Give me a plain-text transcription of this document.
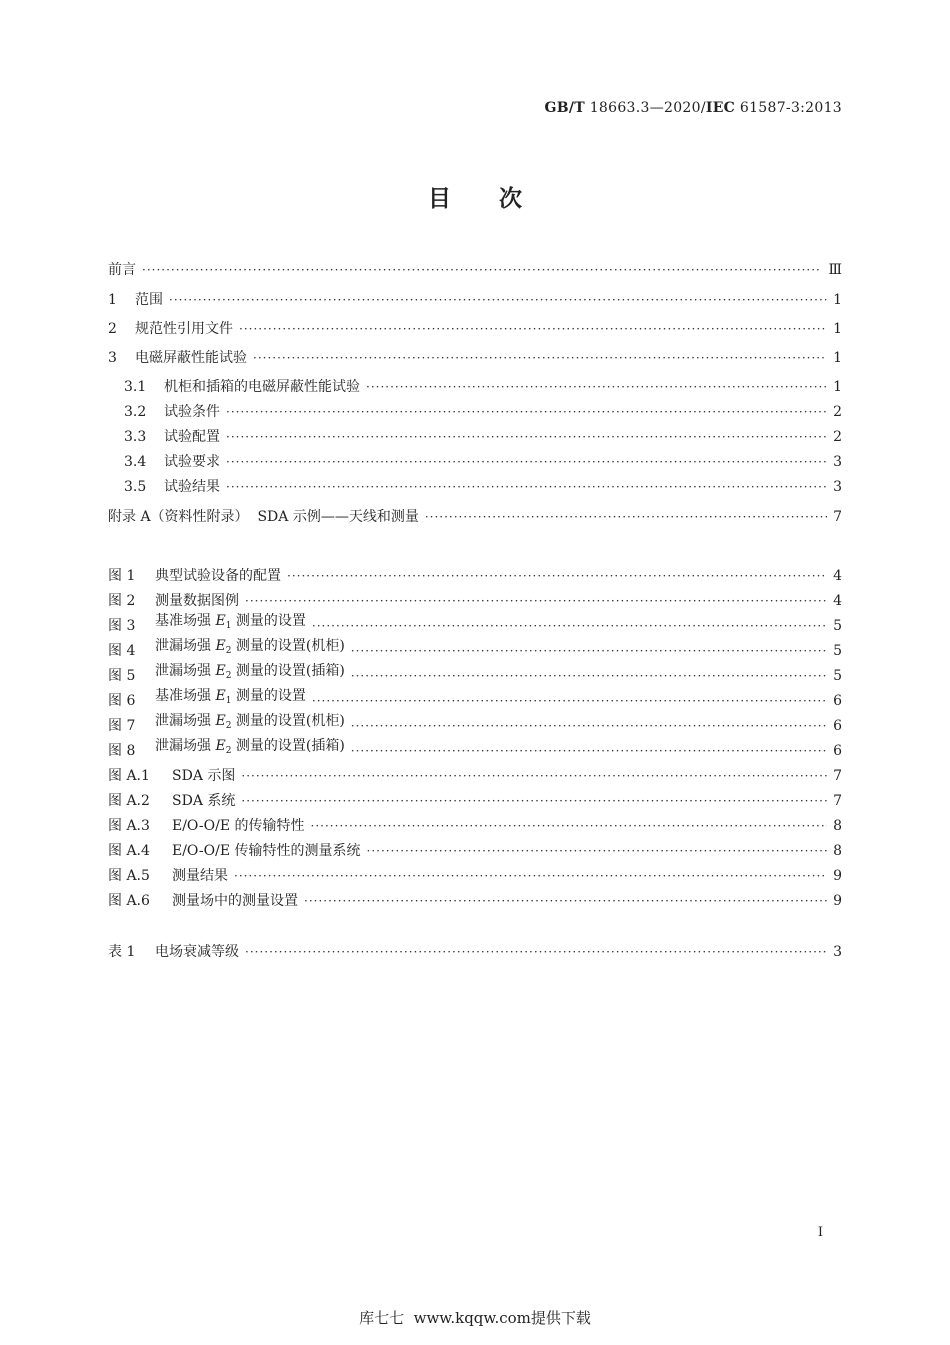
GB/T 18663.3—2020/IEC 61587-3:2013
目 次
前言 ·····	Ⅲ
1	范围 ·····	1
2	规范性引用文件 ·····	1
3	电磁屏蔽性能试验 ·····	1
3.1	机柜和插箱的电磁屏蔽性能试验 ·····	1
3.2	试验条件 ·····	2
3.3	试验配置 ·····	2
3.4	试验要求 ·····	3
3.5	试验结果 ·····	3
附录 A（资料性附录）  SDA 示例——天线和测量 ·····	7
图 1	典型试验设备的配置 ·····	4
图 2	测量数据图例 ·····	4
图 3	基准场强 $E_1$ 测量的设置 ·····	5
图 4	泄漏场强 $E_2$ 测量的设置(机柜) ·····	5
图 5	泄漏场强 $E_2$ 测量的设置(插箱) ·····	5
图 6	基准场强 $E_1$ 测量的设置 ·····	6
图 7	泄漏场强 $E_2$ 测量的设置(机柜) ·····	6
图 8	泄漏场强 $E_2$ 测量的设置(插箱) ·····	6
图 A.1	SDA 示图 ·····	7
图 A.2	SDA 系统 ·····	7
图 A.3	E/O-O/E 的传输特性 ·····	8
图 A.4	E/O-O/E 传输特性的测量系统 ·····	8
图 A.5	测量结果 ·····	9
图 A.6	测量场中的测量设置 ·····	9
表 1	电场衰减等级 ·····	3
I
库七七  www.kqqw.com提供下载
